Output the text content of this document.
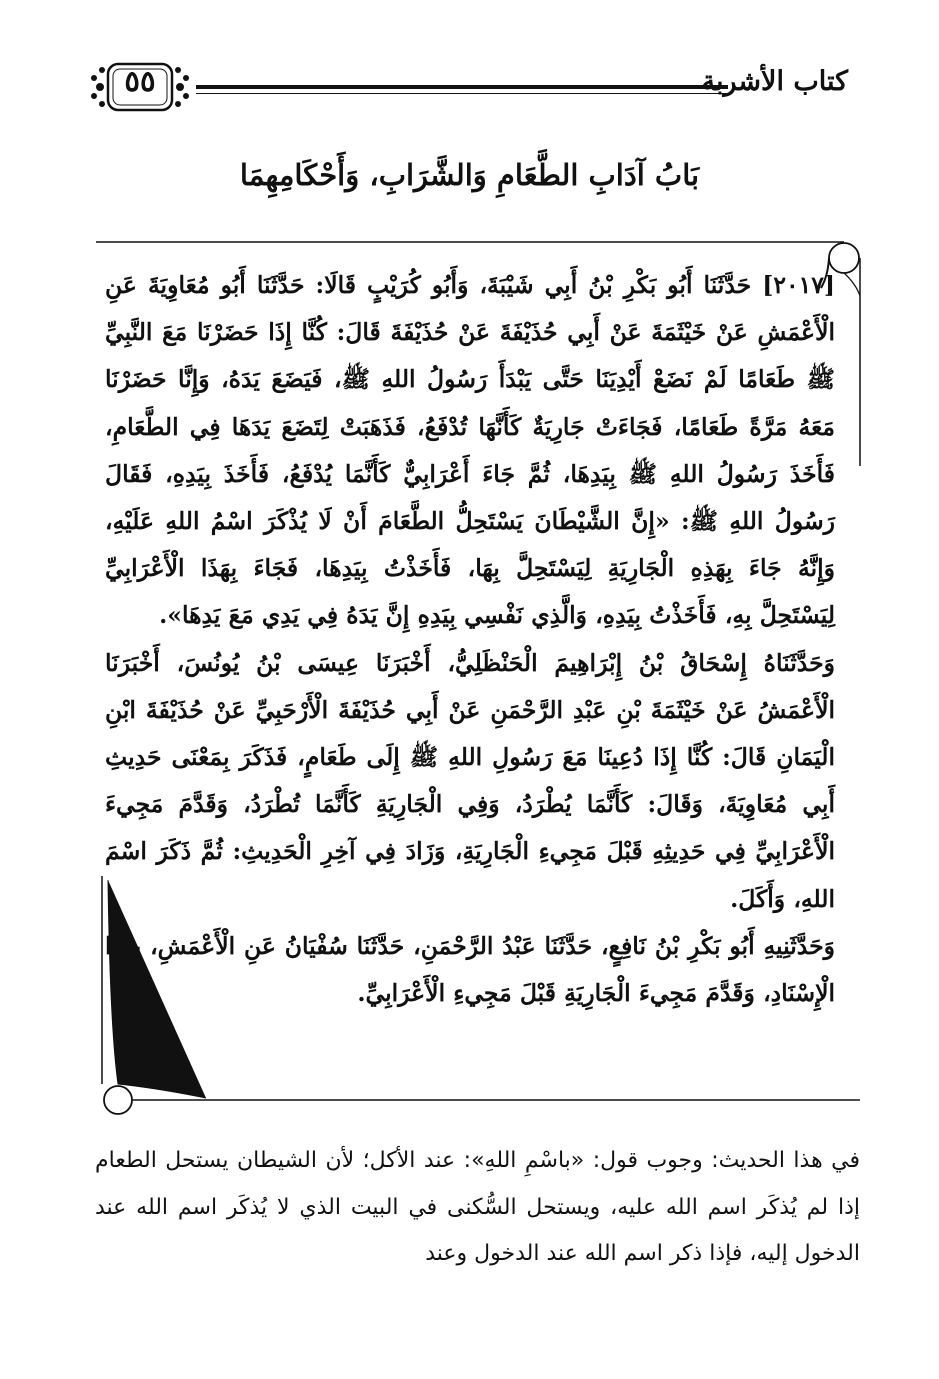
كتاب الأشربة
٥٥
بَابُ آدَابِ الطَّعَامِ وَالشَّرَابِ، وَأَحْكَامِهِمَا

[٢٠١٧] حَدَّثَنَا أَبُو بَكْرِ بْنُ أَبِي شَيْبَةَ، وَأَبُو كُرَيْبٍ قَالَا: حَدَّثَنَا أَبُو مُعَاوِيَةَ عَنِ الْأَعْمَشِ عَنْ خَيْثَمَةَ عَنْ أَبِي حُذَيْفَةَ عَنْ حُذَيْفَةَ قَالَ: كُنَّا إِذَا حَضَرْنَا مَعَ النَّبِيِّ ﷺ طَعَامًا لَمْ نَضَعْ أَيْدِيَنَا حَتَّى يَبْدَأَ رَسُولُ اللهِ ﷺ، فَيَضَعَ يَدَهُ، وَإِنَّا حَضَرْنَا مَعَهُ مَرَّةً طَعَامًا، فَجَاءَتْ جَارِيَةٌ كَأَنَّهَا تُدْفَعُ، فَذَهَبَتْ لِتَضَعَ يَدَهَا فِي الطَّعَامِ، فَأَخَذَ رَسُولُ اللهِ ﷺ بِيَدِهَا، ثُمَّ جَاءَ أَعْرَابِيٌّ كَأَنَّمَا يُدْفَعُ، فَأَخَذَ بِيَدِهِ، فَقَالَ رَسُولُ اللهِ ﷺ: «إِنَّ الشَّيْطَانَ يَسْتَحِلُّ الطَّعَامَ أَنْ لَا يُذْكَرَ اسْمُ اللهِ عَلَيْهِ، وَإِنَّهُ جَاءَ بِهَذِهِ الْجَارِيَةِ لِيَسْتَحِلَّ بِهَا، فَأَخَذْتُ بِيَدِهَا، فَجَاءَ بِهَذَا الْأَعْرَابِيِّ لِيَسْتَحِلَّ بِهِ، فَأَخَذْتُ بِيَدِهِ، وَالَّذِي نَفْسِي بِيَدِهِ إِنَّ يَدَهُ فِي يَدِي مَعَ يَدِهَا».

وَحَدَّثَنَاهُ إِسْحَاقُ بْنُ إِبْرَاهِيمَ الْحَنْظَلِيُّ، أَخْبَرَنَا عِيسَى بْنُ يُونُسَ، أَخْبَرَنَا الْأَعْمَشُ عَنْ خَيْثَمَةَ بْنِ عَبْدِ الرَّحْمَنِ عَنْ أَبِي حُذَيْفَةَ الْأَرْحَبِيِّ عَنْ حُذَيْفَةَ ابْنِ الْيَمَانِ قَالَ: كُنَّا إِذَا دُعِينَا مَعَ رَسُولِ اللهِ ﷺ إِلَى طَعَامٍ، فَذَكَرَ بِمَعْنَى حَدِيثِ أَبِي مُعَاوِيَةَ، وَقَالَ: كَأَنَّمَا يُطْرَدُ، وَفِي الْجَارِيَةِ كَأَنَّمَا تُطْرَدُ، وَقَدَّمَ مَجِيءَ الْأَعْرَابِيِّ فِي حَدِيثِهِ قَبْلَ مَجِيءِ الْجَارِيَةِ، وَزَادَ فِي آخِرِ الْحَدِيثِ: ثُمَّ ذَكَرَ اسْمَ اللهِ، وَأَكَلَ.

وَحَدَّثَنِيهِ أَبُو بَكْرِ بْنُ نَافِعٍ، حَدَّثَنَا عَبْدُ الرَّحْمَنِ، حَدَّثَنَا سُفْيَانُ عَنِ الْأَعْمَشِ، بِهَذَا الْإِسْنَادِ، وَقَدَّمَ مَجِيءَ الْجَارِيَةِ قَبْلَ مَجِيءِ الْأَعْرَابِيِّ.

في هذا الحديث: وجوب قول: «باسْمِ اللهِ»: عند الأكل؛ لأن الشيطان يستحل الطعام إذا لم يُذكَر اسم الله عليه، ويستحل السُّكنى في البيت الذي لا يُذكَر اسم الله عند الدخول إليه، فإذا ذكر اسم الله عند الدخول وعند
